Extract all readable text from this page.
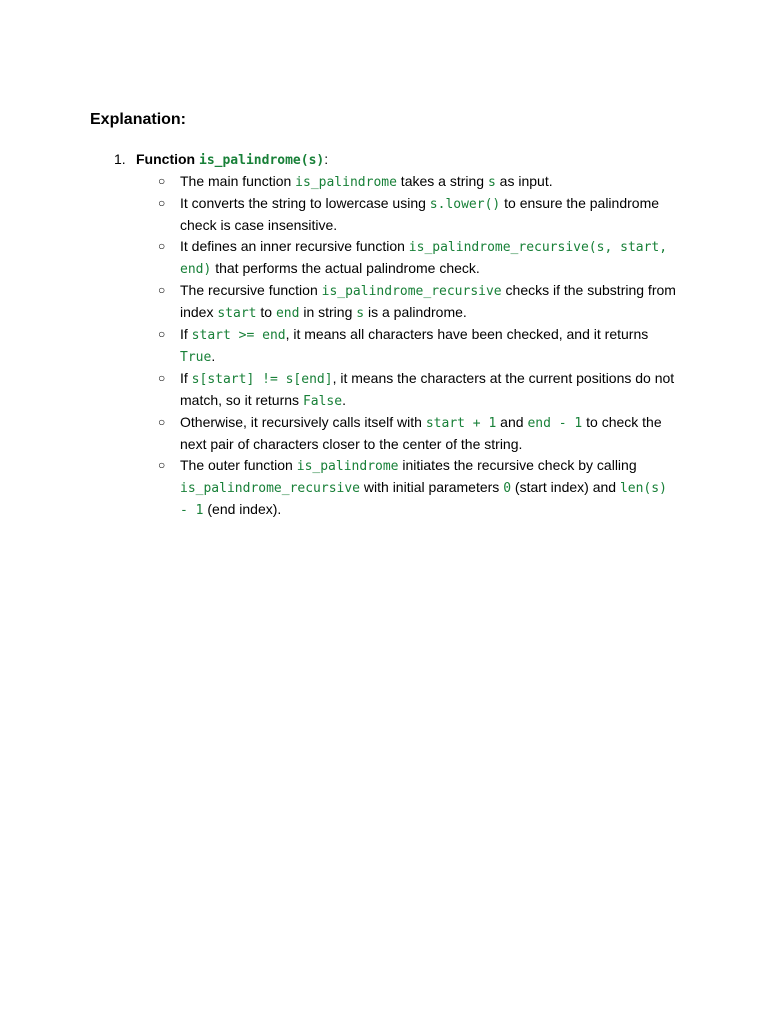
Explanation:
1. Function is_palindrome(s):
○ The main function is_palindrome takes a string s as input.
○ It converts the string to lowercase using s.lower() to ensure the palindrome check is case insensitive.
○ It defines an inner recursive function is_palindrome_recursive(s, start, end) that performs the actual palindrome check.
○ The recursive function is_palindrome_recursive checks if the substring from index start to end in string s is a palindrome.
○ If start >= end, it means all characters have been checked, and it returns True.
○ If s[start] != s[end], it means the characters at the current positions do not match, so it returns False.
○ Otherwise, it recursively calls itself with start + 1 and end - 1 to check the next pair of characters closer to the center of the string.
○ The outer function is_palindrome initiates the recursive check by calling is_palindrome_recursive with initial parameters 0 (start index) and len(s) - 1 (end index).
